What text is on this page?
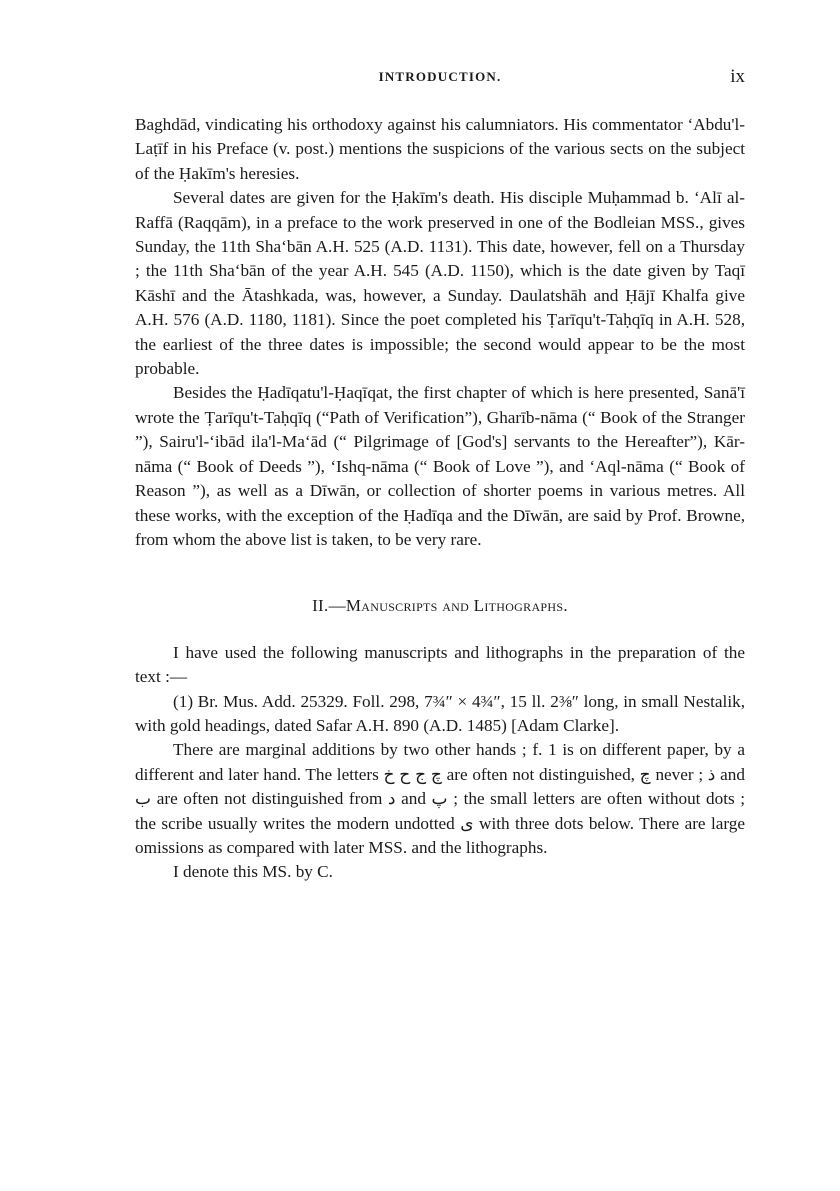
INTRODUCTION.	ix

Baghdād, vindicating his orthodoxy against his calumniators. His commentator ‘Abdu'l-Laṭīf in his Preface (v. post.) mentions the suspicions of the various sects on the subject of the Ḥakīm's heresies.

Several dates are given for the Ḥakīm's death. His disciple Muḥammad b. ‘Alī al-Raffā (Raqqām), in a preface to the work preserved in one of the Bodleian MSS., gives Sunday, the 11th Sha‘bān A.H. 525 (A.D. 1131). This date, however, fell on a Thursday ; the 11th Sha‘bān of the year A.H. 545 (A.D. 1150), which is the date given by Taqī Kāshī and the Ātashkada, was, however, a Sunday. Daulatshāh and Ḥājī Khalfa give A.H. 576 (A.D. 1180, 1181). Since the poet completed his Ṭarīqu't-Taḥqīq in A.H. 528, the earliest of the three dates is impossible; the second would appear to be the most probable.

Besides the Ḥadīqatu'l-Ḥaqīqat, the first chapter of which is here presented, Sanā'ī wrote the Ṭarīqu't-Taḥqīq (“Path of Verification”), Gharīb-nāma (“ Book of the Stranger ”), Sairu'l-‘ibād ila'l-Ma‘ād (“ Pilgrimage of [God's] servants to the Hereafter”), Kār-nāma (“ Book of Deeds ”), ‘Ishq-nāma (“ Book of Love ”), and ‘Aql-nāma (“ Book of Reason ”), as well as a Dīwān, or collection of shorter poems in various metres. All these works, with the exception of the Ḥadīqa and the Dīwān, are said by Prof. Browne, from whom the above list is taken, to be very rare.

II.—Manuscripts and Lithographs.

I have used the following manuscripts and lithographs in the preparation of the text :—

(1) Br. Mus. Add. 25329. Foll. 298, 7¾″ × 4¾″, 15 ll. 2⅜″ long, in small Nestalik, with gold headings, dated Safar A.H. 890 (A.D. 1485) [Adam Clarke].

There are marginal additions by two other hands ; f. 1 is on different paper, by a different and later hand. The letters چ ج ح خ are often not distinguished, چ never ; ذ and ب are often not distinguished from د and پ ; the small letters are often without dots ; the scribe usually writes the modern undotted ی with three dots below. There are large omissions as compared with later MSS. and the lithographs.

I denote this MS. by C.
